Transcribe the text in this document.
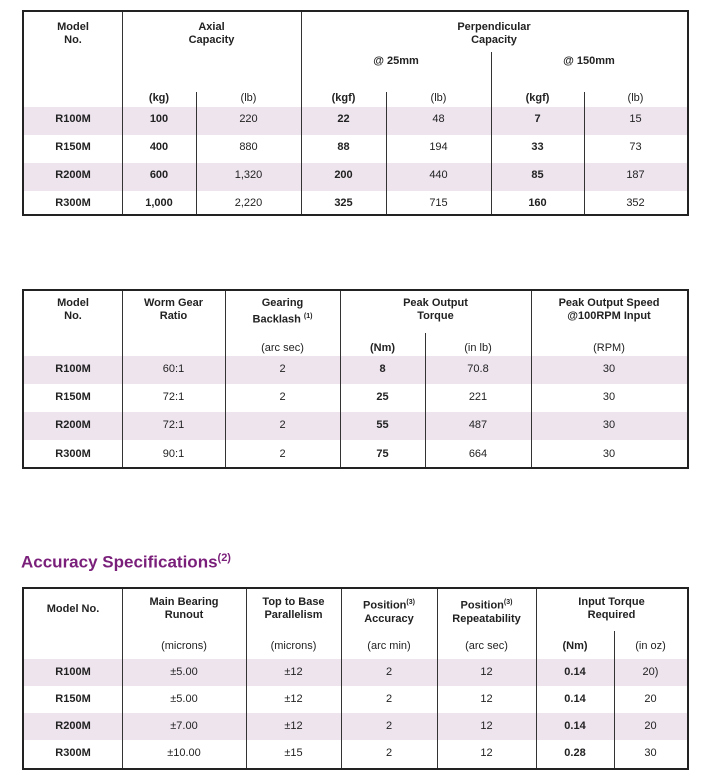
Model
No.
Axial
Capacity
Perpendicular
Capacity
@ 25mm	@ 150mm
(kg)	(lb)	(kgf)	(lb)	(kgf)	(lb)
R100M	100	220	22	48	7	15
R150M	400	880	88	194	33	73
R200M	600	1,320	200	440	85	187
R300M	1,000	2,220	325	715	160	352
Model
No.
Worm Gear
Ratio
Gearing
Backlash $^{(1)}$
Peak Output
Torque
Peak Output Speed
@100RPM Input
(arc sec)	(Nm)	(in lb)	(RPM)
R100M	60:1	2	8	70.8	30
R150M	72:1	2	25	221	30
R200M	72:1	2	55	487	30
R300M	90:1	2	75	664	30
Accuracy Specifications$^{(2)}$
Model No.
Main Bearing
Runout
Top to Base
Parallelism
Position$^{(3)}$
Accuracy
Position$^{(3)}$
Repeatability
Input Torque
Required
(microns)	(microns)	(arc min)	(arc sec)	(Nm)	(in oz)
R100M	±5.00	±12	2	12	0.14	20)
R150M	±5.00	±12	2	12	0.14	20
R200M	±7.00	±12	2	12	0.14	20
R300M	±10.00	±15	2	12	0.28	30
